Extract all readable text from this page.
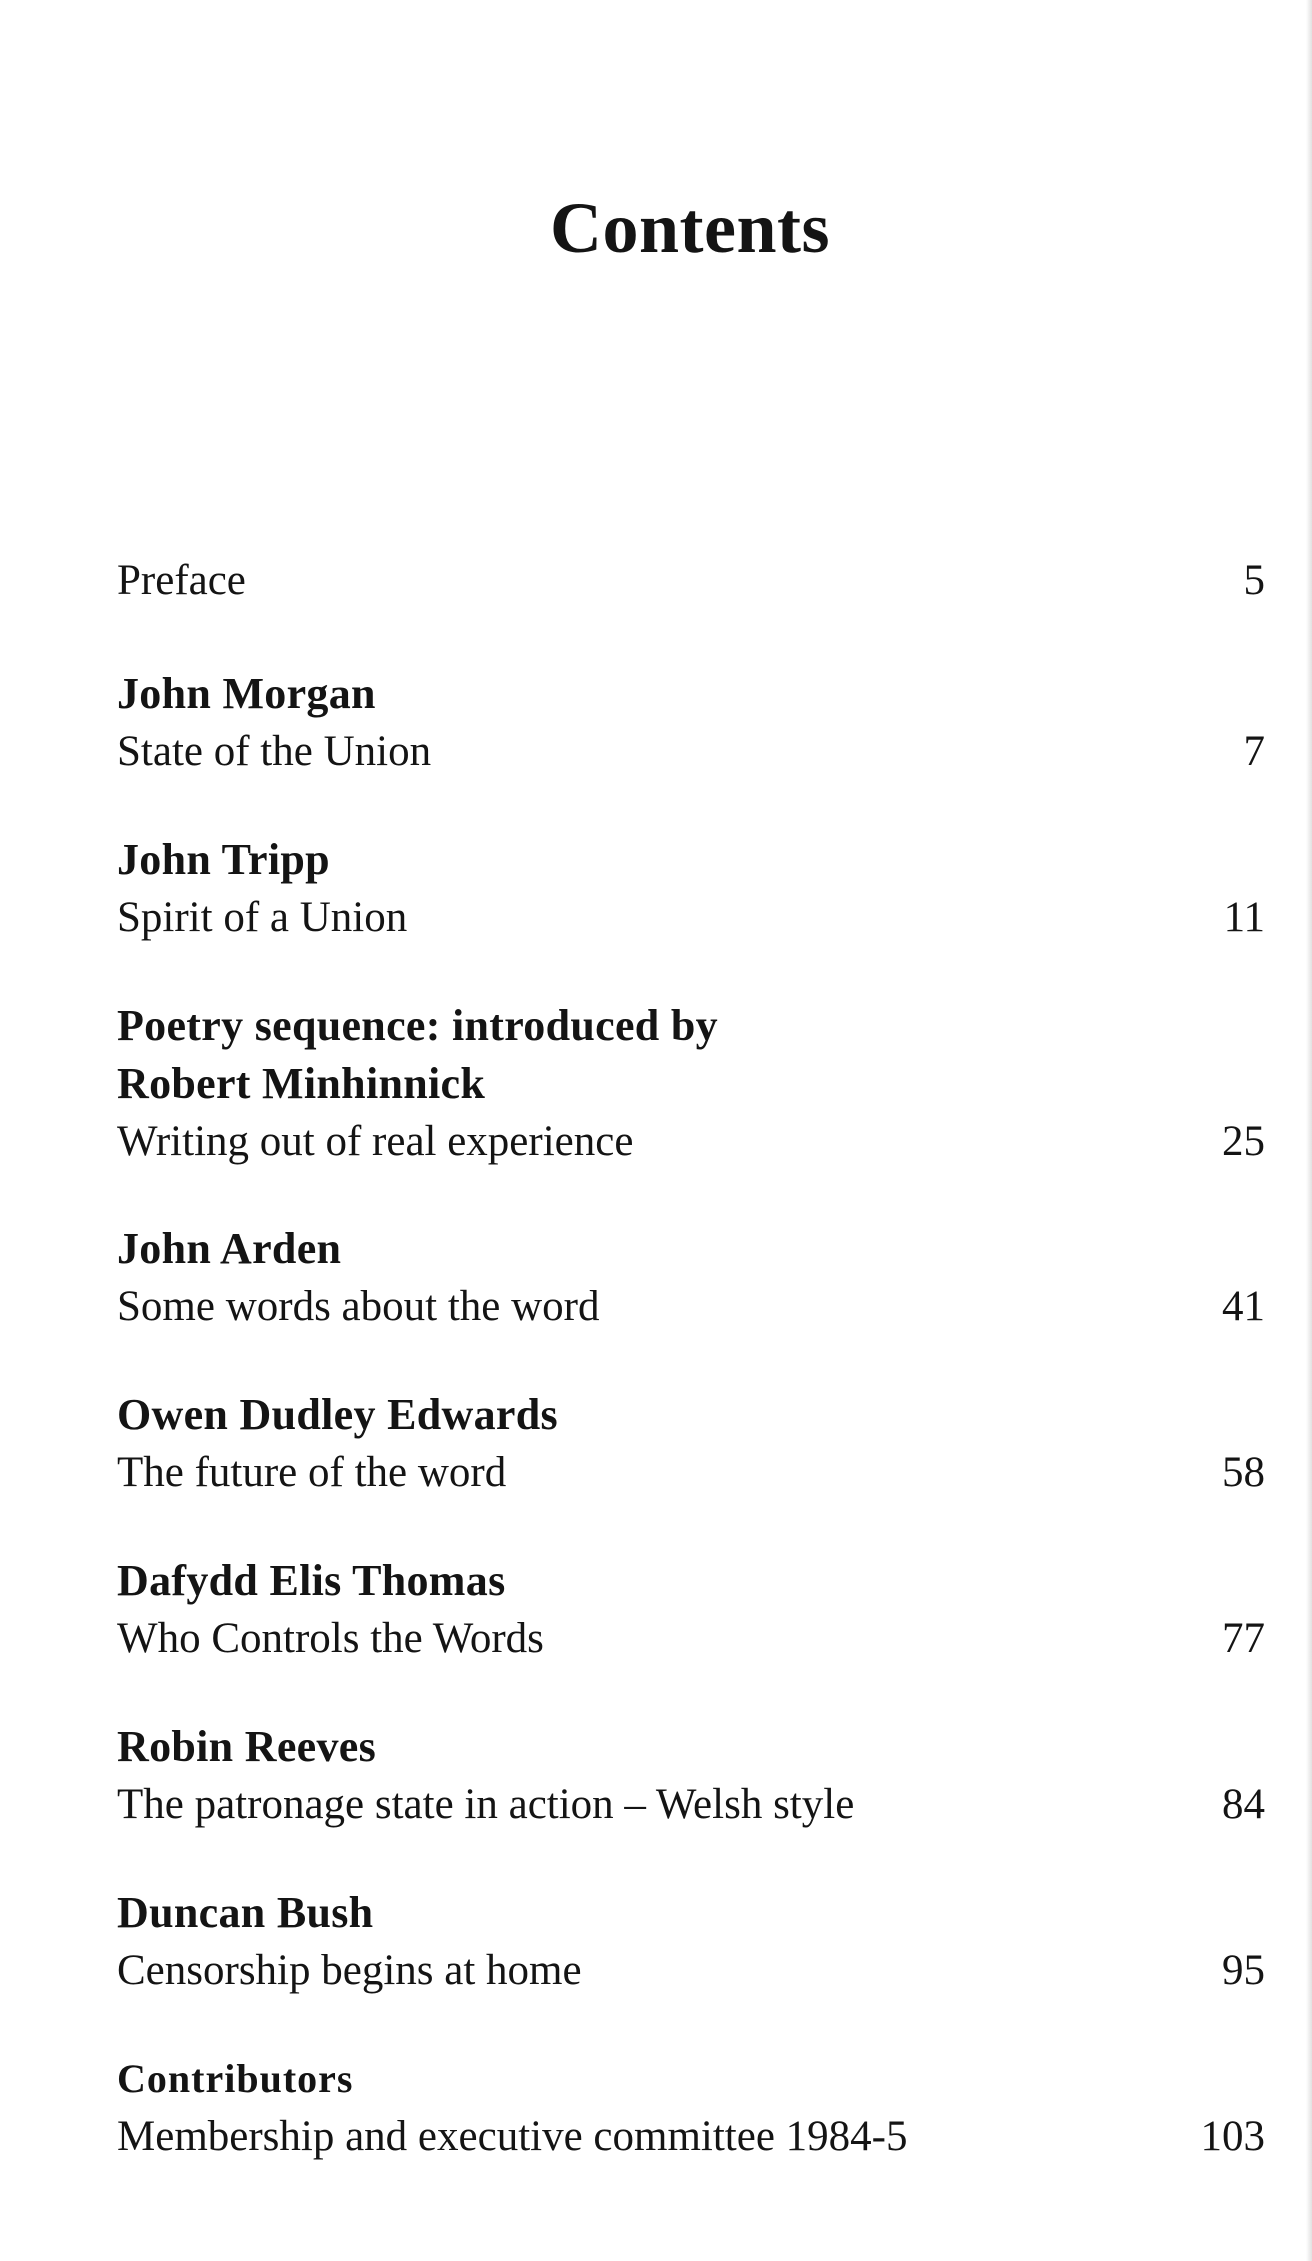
Contents
Preface	5
John Morgan
State of the Union	7
John Tripp
Spirit of a Union	11
Poetry sequence: introduced by
Robert Minhinnick
Writing out of real experience	25
John Arden
Some words about the word	41
Owen Dudley Edwards
The future of the word	58
Dafydd Elis Thomas
Who Controls the Words	77
Robin Reeves
The patronage state in action – Welsh style	84
Duncan Bush
Censorship begins at home	95
Contributors
Membership and executive committee 1984-5	103
